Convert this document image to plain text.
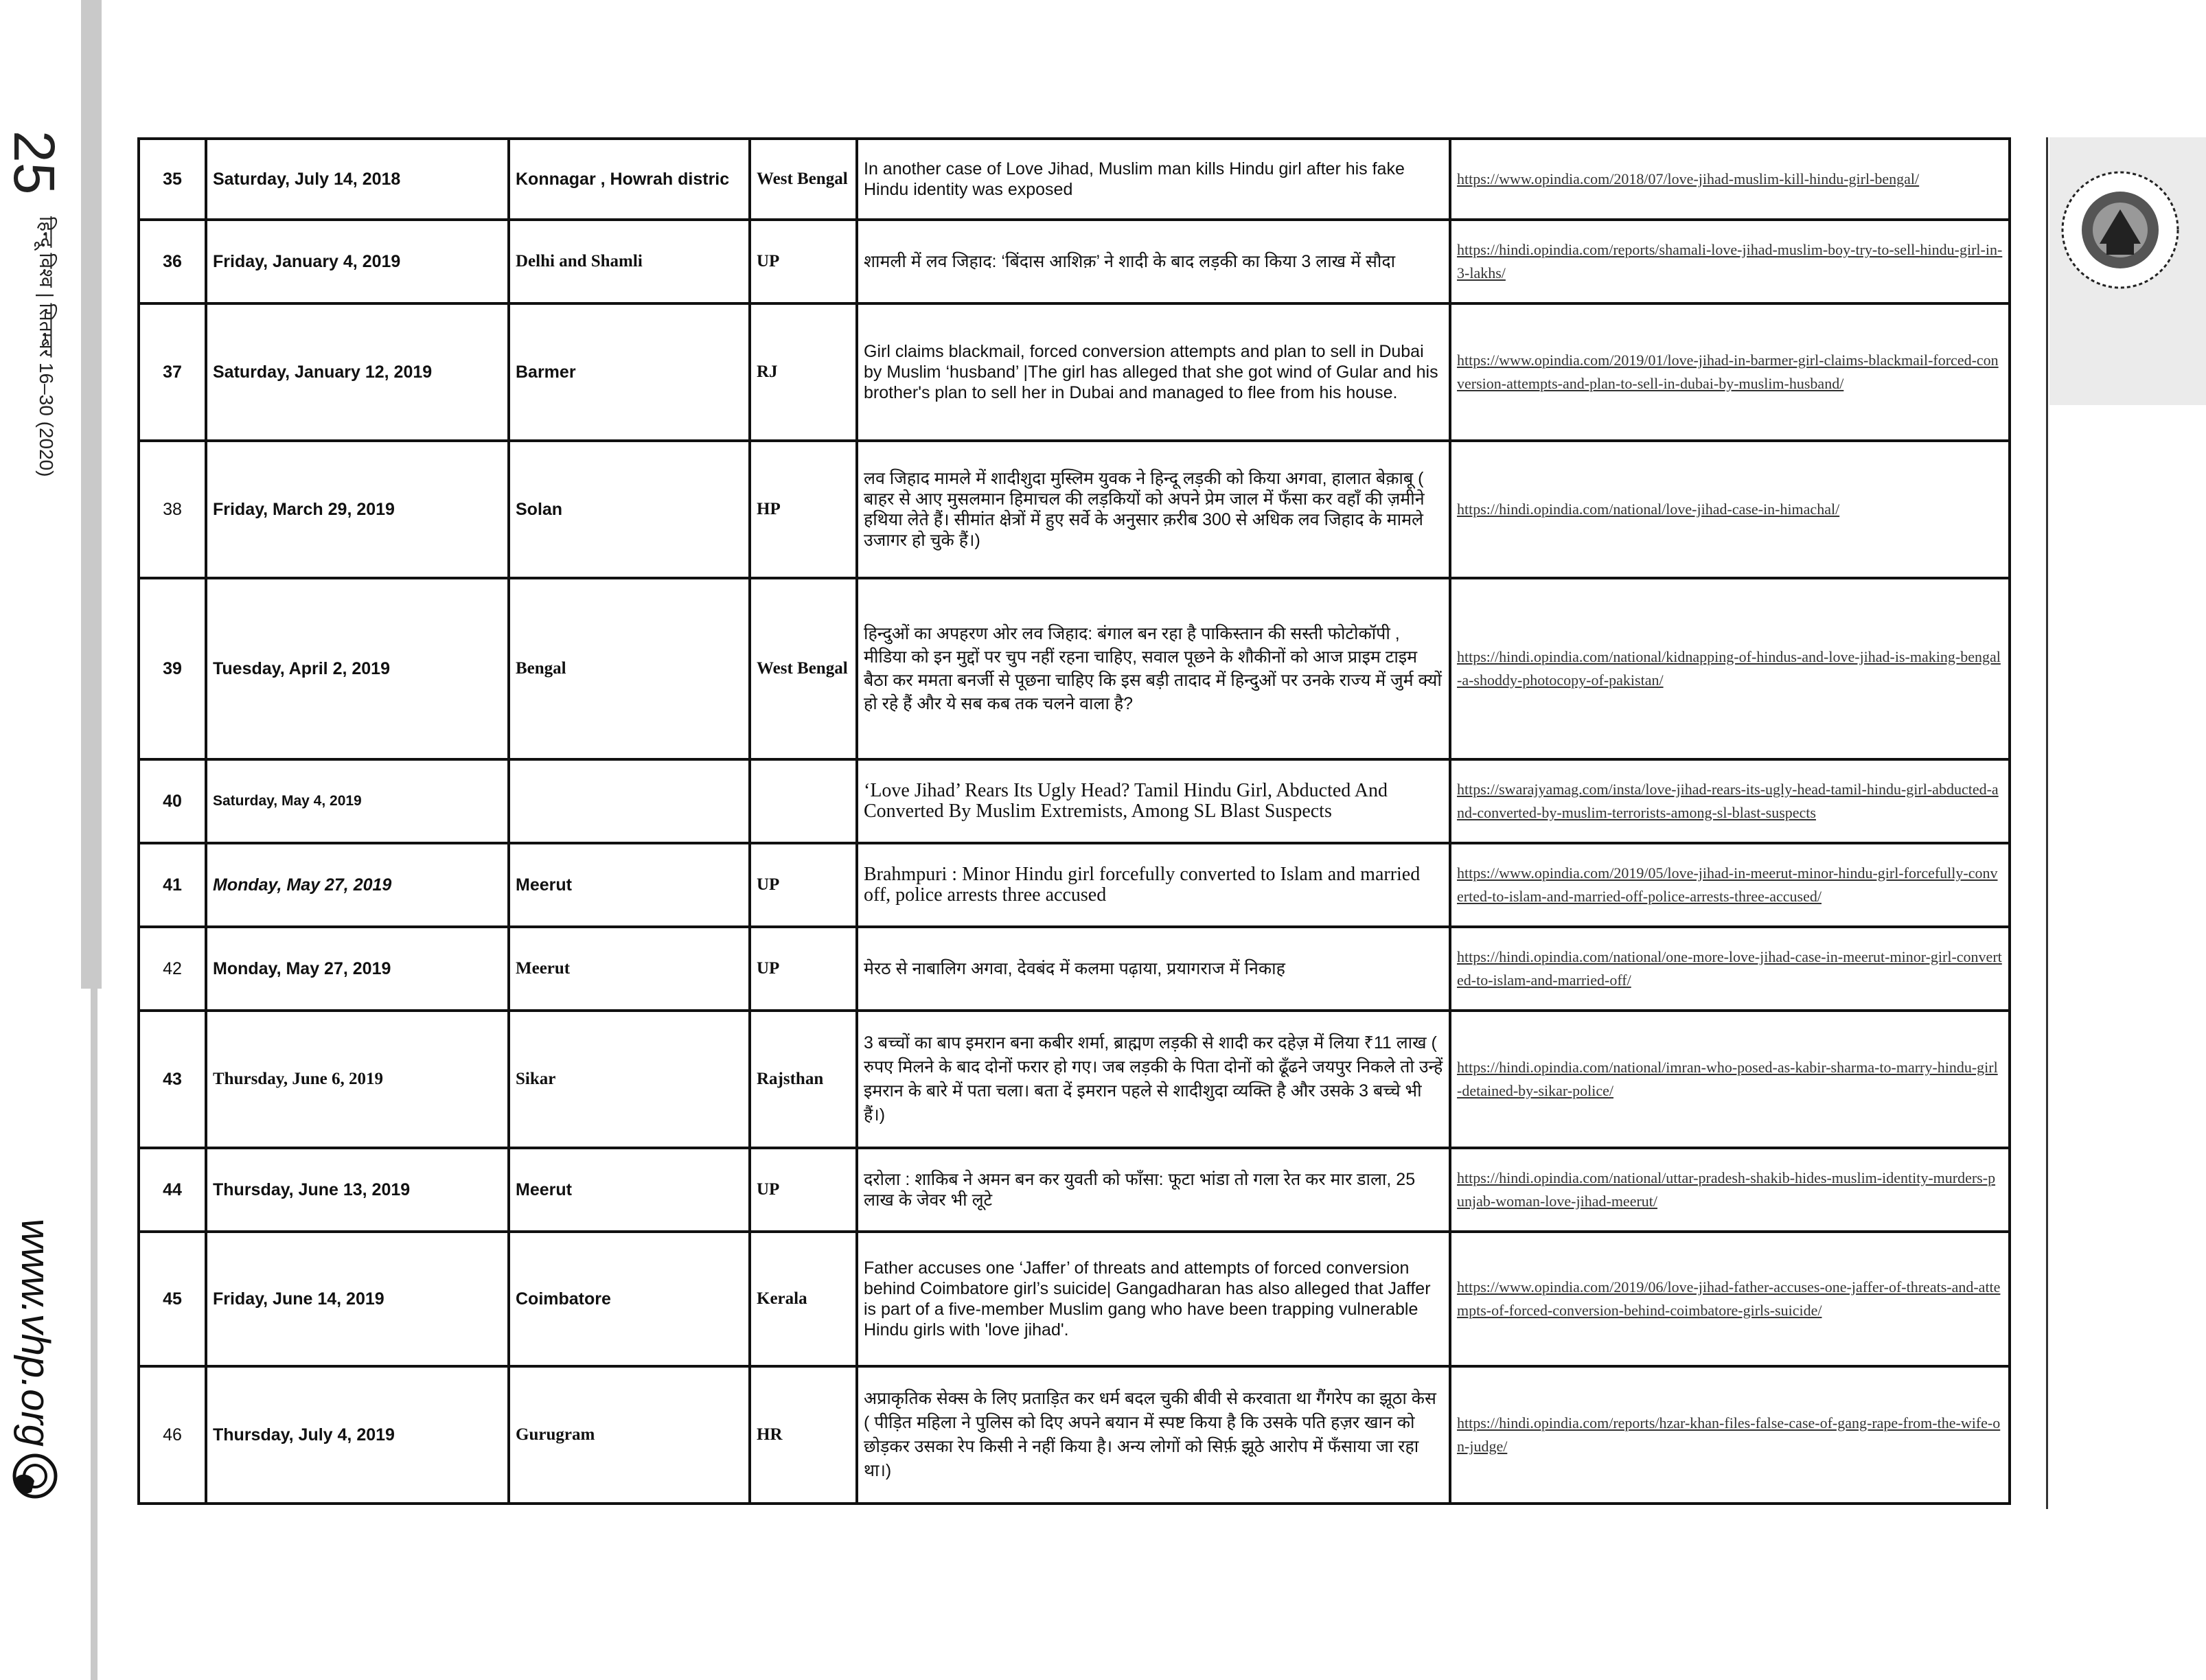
25
हिन्दू विश्व | सितम्बर 16–30 (2020)
www.vhp.org
35	Saturday, July 14, 2018	Konnagar , Howrah distric	West Bengal	In another case of Love Jihad, Muslim man kills Hindu girl after his fake Hindu identity was exposed	https://www.opindia.com/2018/07/love-jihad-muslim-kill-hindu-girl-bengal/
36	Friday, January 4, 2019	Delhi and Shamli	UP	शामली में लव जिहाद: ‘बिंदास आशिक़’ ने शादी के बाद लड़की का किया 3 लाख में सौदा	https://hindi.opindia.com/reports/shamali-love-jihad-muslim-boy-try-to-sell-hindu-girl-in-3-lakhs/
37	Saturday, January 12, 2019	Barmer	RJ	Girl claims blackmail, forced conversion attempts and plan to sell in Dubai by Muslim ‘husband’ |The girl has alleged that she got wind of Gular and his brother's plan to sell her in Dubai and managed to flee from his house.	https://www.opindia.com/2019/01/love-jihad-in-barmer-girl-claims-blackmail-forced-conversion-attempts-and-plan-to-sell-in-dubai-by-muslim-husband/
38	Friday, March 29, 2019	Solan	HP	लव जिहाद मामले में शादीशुदा मुस्लिम युवक ने हिन्दू लड़की को किया अगवा, हालात बेक़ाबू ( बाहर से आए मुसलमान हिमाचल की लड़कियों को अपने प्रेम जाल में फँसा कर वहाँ की ज़मीने हथिया लेते हैं। सीमांत क्षेत्रों में हुए सर्वे के अनुसार क़रीब 300 से अधिक लव जिहाद के मामले उजागर हो चुके हैं।)	https://hindi.opindia.com/national/love-jihad-case-in-himachal/
39	Tuesday, April 2, 2019	Bengal	West Bengal	हिन्दुओं का अपहरण ओर लव जिहाद: बंगाल बन रहा है पाकिस्तान की सस्ती फोटोकॉपी , मीडिया को इन मुद्दों पर चुप नहीं रहना चाहिए, सवाल पूछने के शौकीनों को आज प्राइम टाइम बैठा कर ममता बनर्जी से पूछना चाहिए कि इस बड़ी तादाद में हिन्दुओं पर उनके राज्य में जुर्म क्यों हो रहे हैं और ये सब कब तक चलने वाला है?	https://hindi.opindia.com/national/kidnapping-of-hindus-and-love-jihad-is-making-bengal-a-shoddy-photocopy-of-pakistan/
40	Saturday, May 4, 2019			‘Love Jihad’ Rears Its Ugly Head? Tamil Hindu Girl, Abducted And Converted By Muslim Extremists, Among SL Blast Suspects	https://swarajyamag.com/insta/love-jihad-rears-its-ugly-head-tamil-hindu-girl-abducted-and-converted-by-muslim-terrorists-among-sl-blast-suspects
41	Monday, May 27, 2019	Meerut	UP	Brahmpuri : Minor Hindu girl forcefully converted to Islam and married off, police arrests three accused	https://www.opindia.com/2019/05/love-jihad-in-meerut-minor-hindu-girl-forcefully-converted-to-islam-and-married-off-police-arrests-three-accused/
42	Monday, May 27, 2019	Meerut	UP	मेरठ से नाबालिग अगवा, देवबंद में कलमा पढ़ाया, प्रयागराज में निकाह	https://hindi.opindia.com/national/one-more-love-jihad-case-in-meerut-minor-girl-converted-to-islam-and-married-off/
43	Thursday, June 6, 2019	Sikar	Rajsthan	3 बच्चों का बाप इमरान बना कबीर शर्मा, ब्राह्मण लड़की से शादी कर दहेज़ में लिया ₹11 लाख ( रुपए मिलने के बाद दोनों फरार हो गए। जब लड़की के पिता दोनों को ढूँढने जयपुर निकले तो उन्हें इमरान के बारे में पता चला। बता दें इमरान पहले से शादीशुदा व्यक्ति है और उसके 3 बच्चे भी हैं।)	https://hindi.opindia.com/national/imran-who-posed-as-kabir-sharma-to-marry-hindu-girl-detained-by-sikar-police/
44	Thursday, June 13, 2019	Meerut	UP	दरोला : शाकिब ने अमन बन कर युवती को फाँसा: फूटा भांडा तो गला रेत कर मार डाला, 25 लाख के जेवर भी लूटे	https://hindi.opindia.com/national/uttar-pradesh-shakib-hides-muslim-identity-murders-punjab-woman-love-jihad-meerut/
45	Friday, June 14, 2019	Coimbatore	Kerala	Father accuses one ‘Jaffer’ of threats and attempts of forced conversion behind Coimbatore girl’s suicide| Gangadharan has also alleged that Jaffer is part of a five-member Muslim gang who have been trapping vulnerable Hindu girls with 'love jihad'.	https://www.opindia.com/2019/06/love-jihad-father-accuses-one-jaffer-of-threats-and-attempts-of-forced-conversion-behind-coimbatore-girls-suicide/
46	Thursday, July 4, 2019	Gurugram	HR	अप्राकृतिक सेक्स के लिए प्रताड़ित कर धर्म बदल चुकी बीवी से करवाता था गैंगरेप का झूठा केस ( पीड़ित महिला ने पुलिस को दिए अपने बयान में स्पष्ट किया है कि उसके पति हज़र खान को छोड़कर उसका रेप किसी ने नहीं किया है। अन्य लोगों को सिर्फ़ झूठे आरोप में फँसाया जा रहा था।)	https://hindi.opindia.com/reports/hzar-khan-files-false-case-of-gang-rape-from-the-wife-on-judge/
